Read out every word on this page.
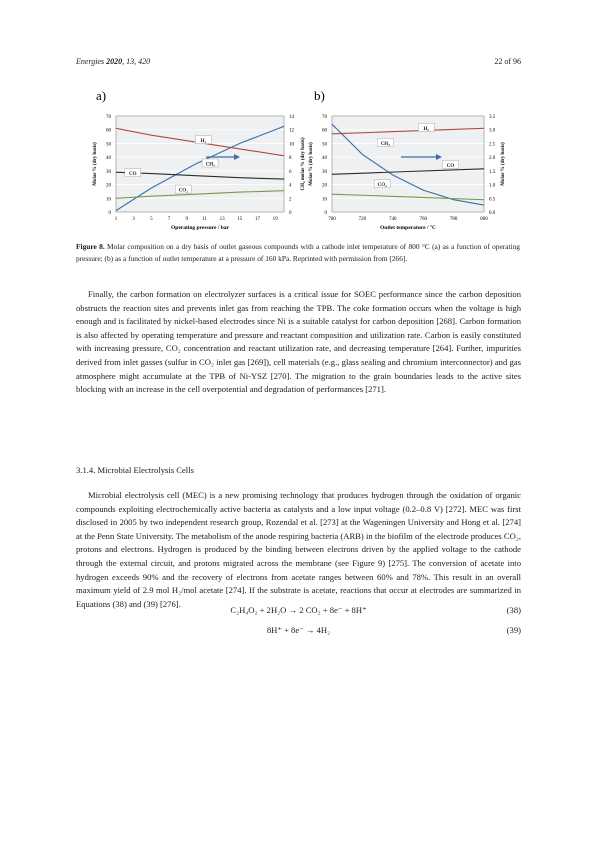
Energies 2020, 13, 420	22 of 96
a)
0
10
20
30
40
50
60
70
0
2
4
6
8
10
12
14
1	3	5	7	9	11	13	15	17	19
Operating pressure / bar
Molar % (dry basis)	CH₄ molar % (dry basis)
H₂
CH₄
CO
CO₂
b)
0
10
20
30
40
50
60
70
0.0
0.5
1.0
1.5
2.0
2.5
3.0
3.5
700	720	740	760	780	800
Outlet temperature / °C
Molar % (dry basis)	Molar % (dry basis)
H₂
CH₄
CO
CO₂
Figure 8. Molar composition on a dry basis of outlet gaseous compounds with a cathode inlet temperature of 800 °C (a) as a function of operating pressure; (b) as a function of outlet temperature at a pressure of 160 kPa. Reprinted with permission from [266].

Finally, the carbon formation on electrolyzer surfaces is a critical issue for SOEC performance since the carbon deposition obstructs the reaction sites and prevents inlet gas from reaching the TPB. The coke formation occurs when the voltage is high enough and is facilitated by nickel-based electrodes since Ni is a suitable catalyst for carbon deposition [268]. Carbon formation is also affected by operating temperature and pressure and reactant composition and utilization rate. Carbon is easily constituted with increasing pressure, CO₂ concentration and reactant utilization rate, and decreasing temperature [264]. Further, impurities derived from inlet gasses (sulfur in CO₂ inlet gas [269]), cell materials (e.g., glass sealing and chromium interconnector) and gas atmosphere might accumulate at the TPB of Ni-YSZ [270]. The migration to the grain boundaries leads to the active sites blocking with an increase in the cell overpotential and degradation of performances [271].

3.1.4. Microbial Electrolysis Cells

Microbial electrolysis cell (MEC) is a new promising technology that produces hydrogen through the oxidation of organic compounds exploiting electrochemically active bacteria as catalysts and a low input voltage (0.2–0.8 V) [272]. MEC was first disclosed in 2005 by two independent research group, Rozendal et al. [273] at the Wageningen University and Hong et al. [274] at the Penn State University. The metabolism of the anode respiring bacteria (ARB) in the biofilm of the electrode produces CO₂, protons and electrons. Hydrogen is produced by the binding between electrons driven by the applied voltage to the cathode through the external circuit, and protons migrated across the membrane (see Figure 9) [275]. The conversion of acetate into hydrogen exceeds 90% and the recovery of electrons from acetate ranges between 60% and 78%. This result in an overall maximum yield of 2.9 mol H₂/mol acetate [274]. If the substrate is acetate, reactions that occur at electrodes are summarized in Equations (38) and (39) [276].

C₂H₄O₂ + 2H₂O → 2 CO₂ + 8e⁻ + 8H⁺	(38)
8H⁺ + 8e⁻ → 4H₂	(39)
